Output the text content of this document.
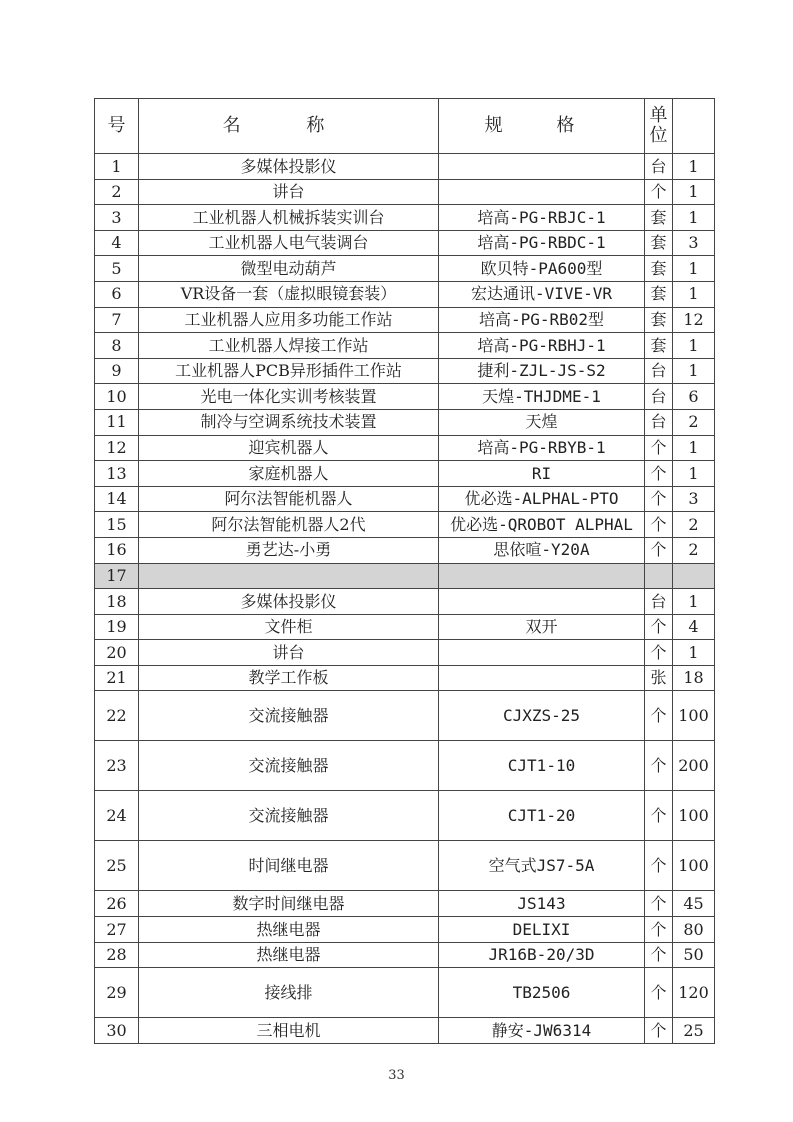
号	名 称	规 格	单位	
1	多媒体投影仪		台	1
2	讲台		个	1
3	工业机器人机械拆装实训台	培高-PG-RBJC-1	套	1
4	工业机器人电气装调台	培高-PG-RBDC-1	套	3
5	微型电动葫芦	欧贝特-PA600型	套	1
6	VR设备一套（虚拟眼镜套装）	宏达通讯-VIVE-VR	套	1
7	工业机器人应用多功能工作站	培高-PG-RB02型	套	12
8	工业机器人焊接工作站	培高-PG-RBHJ-1	套	1
9	工业机器人PCB异形插件工作站	捷利-ZJL-JS-S2	台	1
10	光电一体化实训考核装置	天煌-THJDME-1	台	6
11	制冷与空调系统技术装置	天煌	台	2
12	迎宾机器人	培高-PG-RBYB-1	个	1
13	家庭机器人	RI	个	1
14	阿尔法智能机器人	优必选-ALPHAL-PTO	个	3
15	阿尔法智能机器人2代	优必选-QROBOT ALPHAL	个	2
16	勇艺达-小勇	思依喧-Y20A	个	2
17				
18	多媒体投影仪		台	1
19	文件柜	双开	个	4
20	讲台		个	1
21	教学工作板		张	18
22	交流接触器	CJXZS-25	个	100
23	交流接触器	CJT1-10	个	200
24	交流接触器	CJT1-20	个	100
25	时间继电器	空气式JS7-5A	个	100
26	数字时间继电器	JS143	个	45
27	热继电器	DELIXI	个	80
28	热继电器	JR16B-20/3D	个	50
29	接线排	TB2506	个	120
30	三相电机	静安-JW6314	个	25
33
